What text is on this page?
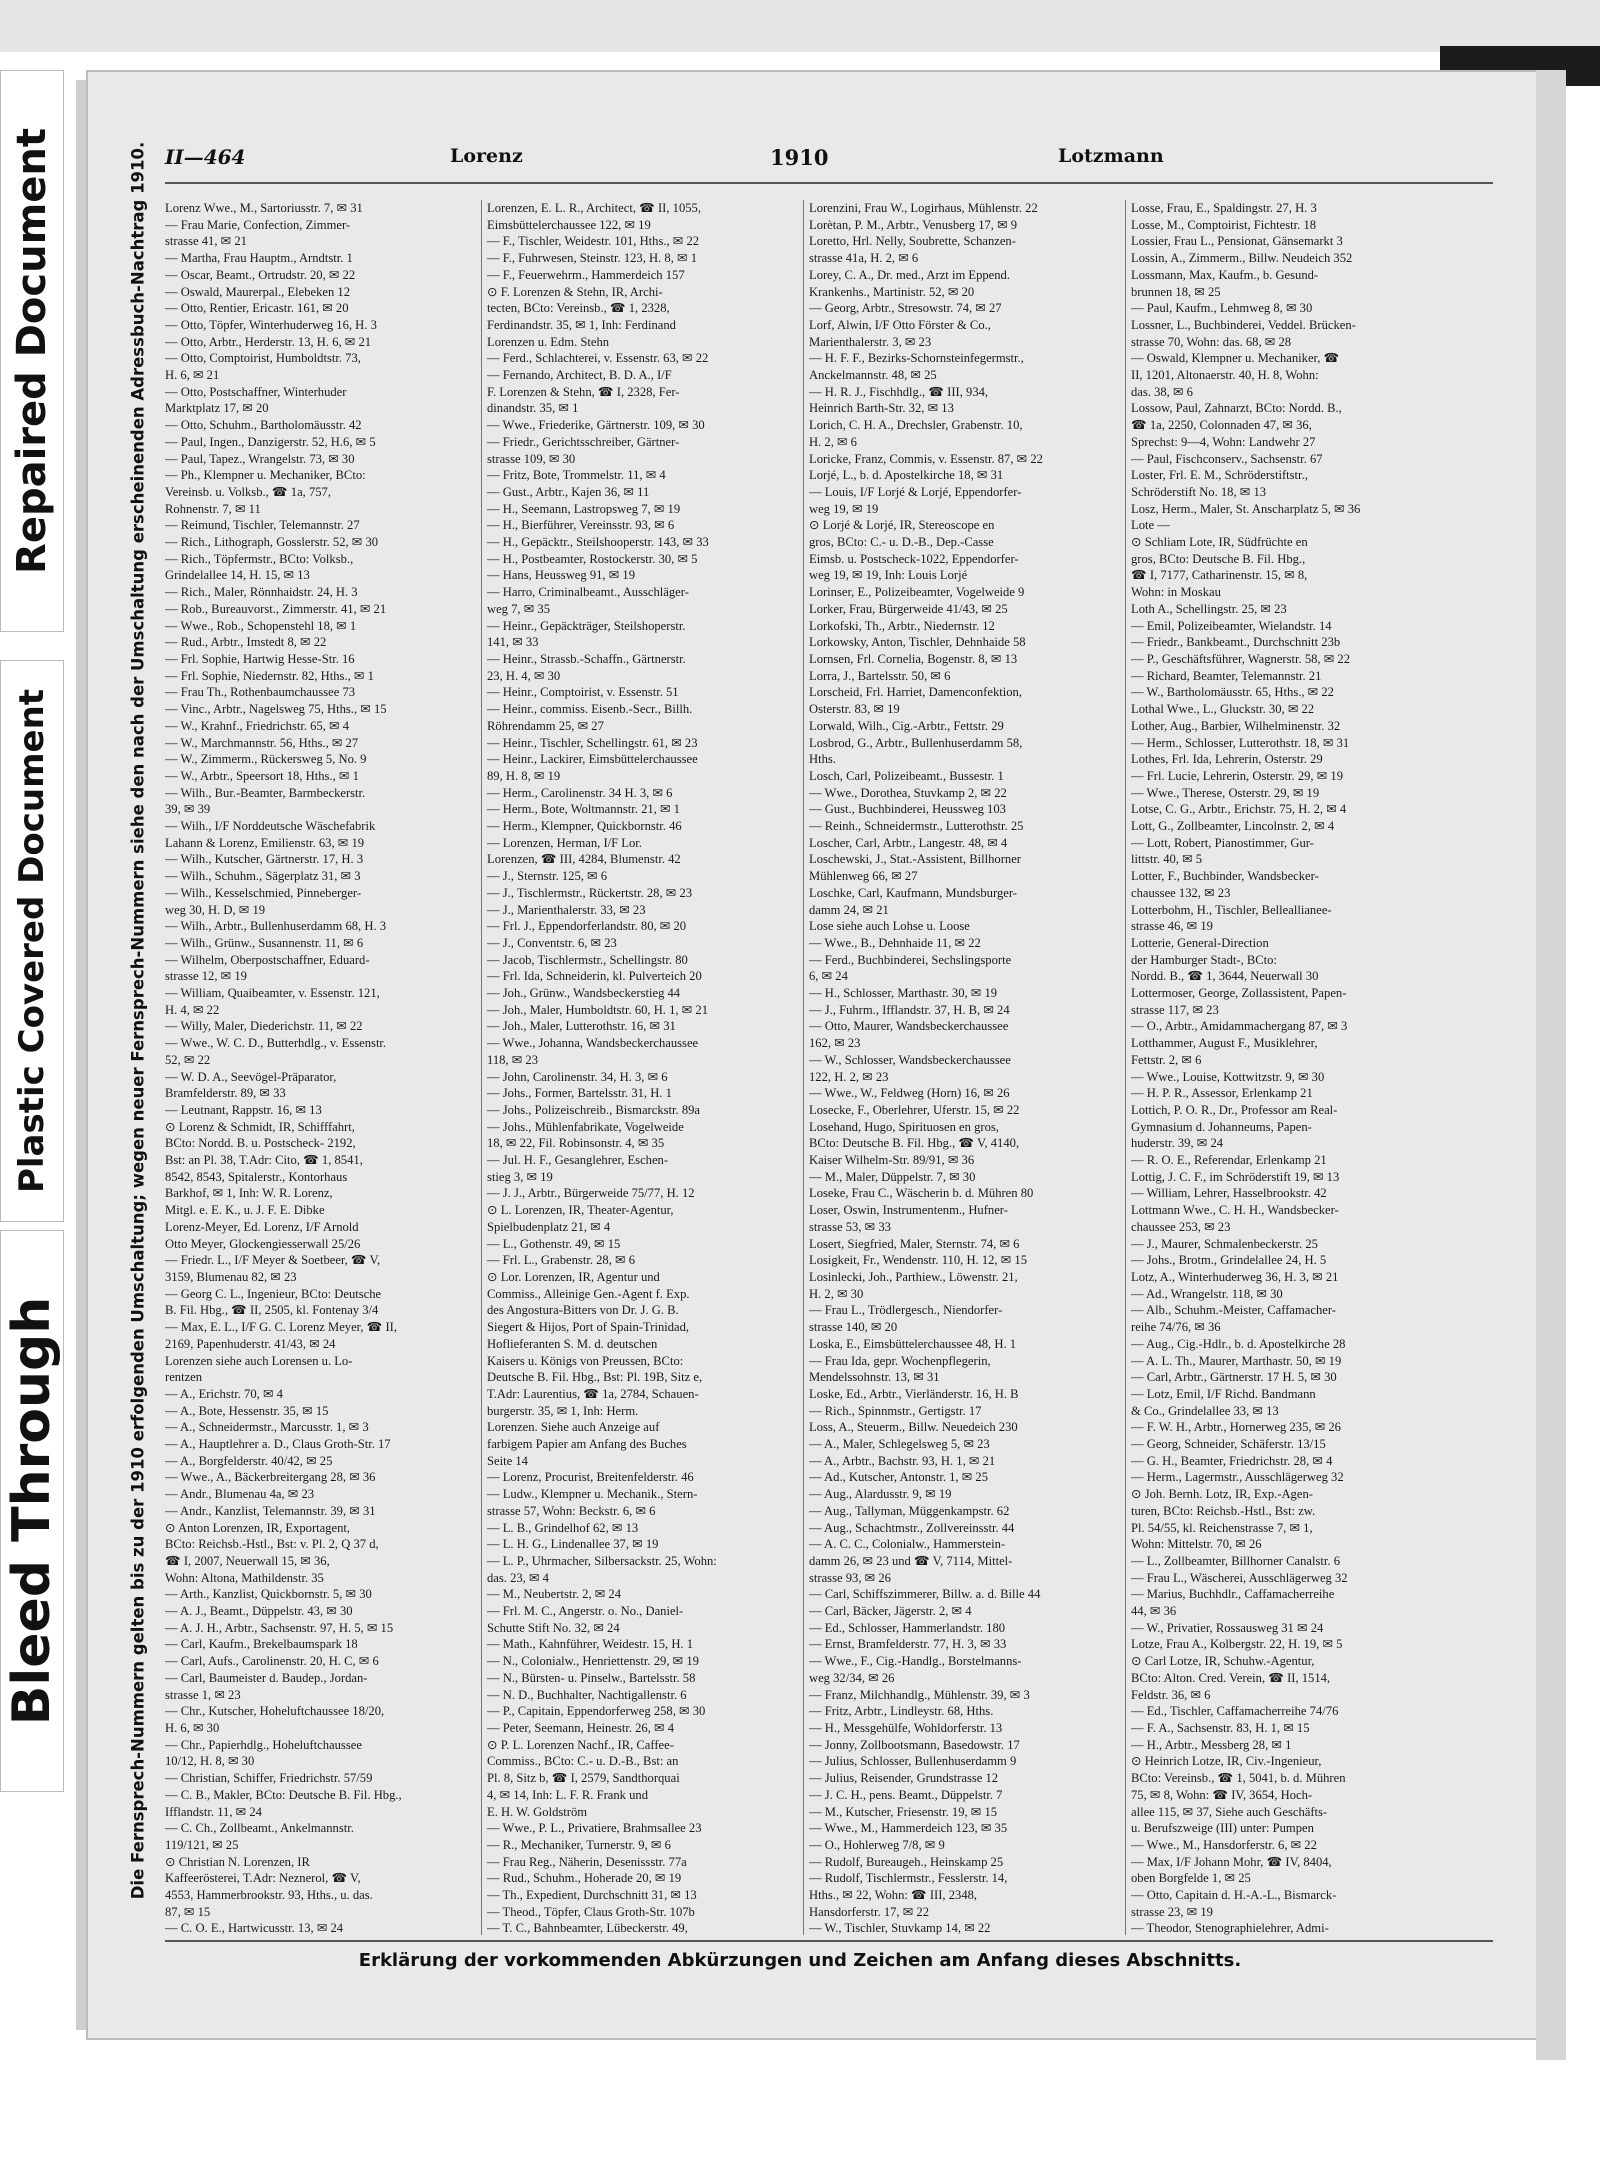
Repaired Document
Plastic Covered Document
Bleed Through	Die Fernsprech-Nummern gelten bis zu der 1910 erfolgenden Umschaltung; wegen neuer Fernsprech-Nummern siehe den nach der Umschaltung erscheinenden Adressbuch-Nachtrag 1910. II—464	Lorenz	1910	Lotzmann
Lorenz Wwe., M., Sartoriusstr. 7, ✉ 31
— Frau Marie, Confection, Zimmer-
strasse 41, ✉ 21
— Martha, Frau Hauptm., Arndtstr. 1
— Oscar, Beamt., Ortrudstr. 20, ✉ 22
— Oswald, Maurerpal., Elebeken 12
— Otto, Rentier, Ericastr. 161, ✉ 20
— Otto, Töpfer, Winterhuderweg 16, H. 3
— Otto, Arbtr., Herderstr. 13, H. 6, ✉ 21
— Otto, Comptoirist, Humboldtstr. 73,
H. 6, ✉ 21
— Otto, Postschaffner, Winterhuder
Marktplatz 17, ✉ 20
— Otto, Schuhm., Bartholomäusstr. 42
— Paul, Ingen., Danzigerstr. 52, H.6, ✉ 5
— Paul, Tapez., Wrangelstr. 73, ✉ 30
— Ph., Klempner u. Mechaniker, BCto:
Vereinsb. u. Volksb., ☎ 1a, 757,
Rohnenstr. 7, ✉ 11
— Reimund, Tischler, Telemannstr. 27
— Rich., Lithograph, Gosslerstr. 52, ✉ 30
— Rich., Töpfermstr., BCto: Volksb.,
Grindelallee 14, H. 15, ✉ 13
— Rich., Maler, Rönnhaidstr. 24, H. 3
— Rob., Bureauvorst., Zimmerstr. 41, ✉ 21
— Wwe., Rob., Schopenstehl 18, ✉ 1
— Rud., Arbtr., Imstedt 8, ✉ 22
— Frl. Sophie, Hartwig Hesse-Str. 16
— Frl. Sophie, Niedernstr. 82, Hths., ✉ 1
— Frau Th., Rothenbaumchaussee 73
— Vinc., Arbtr., Nagelsweg 75, Hths., ✉ 15
— W., Krahnf., Friedrichstr. 65, ✉ 4
— W., Marchmannstr. 56, Hths., ✉ 27
— W., Zimmerm., Rückersweg 5, No. 9
— W., Arbtr., Speersort 18, Hths., ✉ 1
— Wilh., Bur.-Beamter, Barmbeckerstr.
39, ✉ 39
— Wilh., I/F Norddeutsche Wäschefabrik
Lahann & Lorenz, Emilienstr. 63, ✉ 19
— Wilh., Kutscher, Gärtnerstr. 17, H. 3
— Wilh., Schuhm., Sägerplatz 31, ✉ 3
— Wilh., Kesselschmied, Pinneberger-
weg 30, H. D, ✉ 19
— Wilh., Arbtr., Bullenhuserdamm 68, H. 3
— Wilh., Grünw., Susannenstr. 11, ✉ 6
— Wilhelm, Oberpostschaffner, Eduard-
strasse 12, ✉ 19
— William, Quaibeamter, v. Essenstr. 121,
H. 4, ✉ 22
— Willy, Maler, Diederichstr. 11, ✉ 22
— Wwe., W. C. D., Butterhdlg., v. Essenstr.
52, ✉ 22
— W. D. A., Seevögel-Präparator,
Bramfelderstr. 89, ✉ 33
— Leutnant, Rappstr. 16, ✉ 13
⊙ Lorenz & Schmidt, IR, Schifffahrt,
BCto: Nordd. B. u. Postscheck- 2192,
Bst: an Pl. 38, T.Adr: Cito, ☎ 1, 8541,
8542, 8543, Spitalerstr., Kontorhaus
Barkhof, ✉ 1, Inh: W. R. Lorenz,
Mitgl. e. E. K., u. J. F. E. Dibke
Lorenz-Meyer, Ed. Lorenz, I/F Arnold
Otto Meyer, Glockengiesserwall 25/26
— Friedr. L., I/F Meyer & Soetbeer, ☎ V,
3159, Blumenau 82, ✉ 23
— Georg C. L., Ingenieur, BCto: Deutsche
B. Fil. Hbg., ☎ II, 2505, kl. Fontenay 3/4
— Max, E. L., I/F G. C. Lorenz Meyer, ☎ II,
2169, Papenhuderstr. 41/43, ✉ 24
Lorenzen siehe auch Lorensen u. Lo-
rentzen
— A., Erichstr. 70, ✉ 4
— A., Bote, Hessenstr. 35, ✉ 15
— A., Schneidermstr., Marcusstr. 1, ✉ 3
— A., Hauptlehrer a. D., Claus Groth-Str. 17
— A., Borgfelderstr. 40/42, ✉ 25
— Wwe., A., Bäckerbreitergang 28, ✉ 36
— Andr., Blumenau 4a, ✉ 23
— Andr., Kanzlist, Telemannstr. 39, ✉ 31
⊙ Anton Lorenzen, IR, Exportagent,
BCto: Reichsb.-Hstl., Bst: v. Pl. 2, Q 37 d,
☎ I, 2007, Neuerwall 15, ✉ 36,
Wohn: Altona, Mathildenstr. 35
— Arth., Kanzlist, Quickbornstr. 5, ✉ 30
— A. J., Beamt., Düppelstr. 43, ✉ 30
— A. J. H., Arbtr., Sachsenstr. 97, H. 5, ✉ 15
— Carl, Kaufm., Brekelbaumspark 18
— Carl, Aufs., Carolinenstr. 20, H. C, ✉ 6
— Carl, Baumeister d. Baudep., Jordan-
strasse 1, ✉ 23
— Chr., Kutscher, Hoheluftchaussee 18/20,
H. 6, ✉ 30
— Chr., Papierhdlg., Hoheluftchaussee
10/12, H. 8, ✉ 30
— Christian, Schiffer, Friedrichstr. 57/59
— C. B., Makler, BCto: Deutsche B. Fil. Hbg.,
Ifflandstr. 11, ✉ 24
— C. Ch., Zollbeamt., Ankelmannstr.
119/121, ✉ 25
⊙ Christian N. Lorenzen, IR
Kaffeerösterei, T.Adr: Neznerol, ☎ V,
4553, Hammerbrookstr. 93, Hths., u. das.
87, ✉ 15
— C. O. E., Hartwicusstr. 13, ✉ 24
Lorenzen, E. L. R., Architect, ☎ II, 1055,
Eimsbüttelerchaussee 122, ✉ 19
— F., Tischler, Weidestr. 101, Hths., ✉ 22
— F., Fuhrwesen, Steinstr. 123, H. 8, ✉ 1
— F., Feuerwehrm., Hammerdeich 157
⊙ F. Lorenzen & Stehn, IR, Archi-
tecten, BCto: Vereinsb., ☎ 1, 2328,
Ferdinandstr. 35, ✉ 1, Inh: Ferdinand
Lorenzen u. Edm. Stehn
— Ferd., Schlachterei, v. Essenstr. 63, ✉ 22
— Fernando, Architect, B. D. A., I/F
F. Lorenzen & Stehn, ☎ I, 2328, Fer-
dinandstr. 35, ✉ 1
— Wwe., Friederike, Gärtnerstr. 109, ✉ 30
— Friedr., Gerichtsschreiber, Gärtner-
strasse 109, ✉ 30
— Fritz, Bote, Trommelstr. 11, ✉ 4
— Gust., Arbtr., Kajen 36, ✉ 11
— H., Seemann, Lastropsweg 7, ✉ 19
— H., Bierführer, Vereinsstr. 93, ✉ 6
— H., Gepäcktr., Steilshooperstr. 143, ✉ 33
— H., Postbeamter, Rostockerstr. 30, ✉ 5
— Hans, Heussweg 91, ✉ 19
— Harro, Criminalbeamt., Ausschläger-
weg 7, ✉ 35
— Heinr., Gepäckträger, Steilshoperstr.
141, ✉ 33
— Heinr., Strassb.-Schaffn., Gärtnerstr.
23, H. 4, ✉ 30
— Heinr., Comptoirist, v. Essenstr. 51
— Heinr., commiss. Eisenb.-Secr., Billh.
Röhrendamm 25, ✉ 27
— Heinr., Tischler, Schellingstr. 61, ✉ 23
— Heinr., Lackirer, Eimsbüttelerchaussee
89, H. 8, ✉ 19
— Herm., Carolinenstr. 34 H. 3, ✉ 6
— Herm., Bote, Woltmannstr. 21, ✉ 1
— Herm., Klempner, Quickbornstr. 46
— Lorenzen, Herman, I/F Lor.
Lorenzen, ☎ III, 4284, Blumenstr. 42
— J., Sternstr. 125, ✉ 6
— J., Tischlermstr., Rückertstr. 28, ✉ 23
— J., Marienthalerstr. 33, ✉ 23
— Frl. J., Eppendorferlandstr. 80, ✉ 20
— J., Conventstr. 6, ✉ 23
— Jacob, Tischlermstr., Schellingstr. 80
— Frl. Ida, Schneiderin, kl. Pulverteich 20
— Joh., Grünw., Wandsbeckerstieg 44
— Joh., Maler, Humboldtstr. 60, H. 1, ✉ 21
— Joh., Maler, Lutterothstr. 16, ✉ 31
— Wwe., Johanna, Wandsbeckerchaussee
118, ✉ 23
— John, Carolinenstr. 34, H. 3, ✉ 6
— Johs., Former, Bartelsstr. 31, H. 1
— Johs., Polizeischreib., Bismarckstr. 89a
— Johs., Mühlenfabrikate, Vogelweide
18, ✉ 22, Fil. Robinsonstr. 4, ✉ 35
— Jul. H. F., Gesanglehrer, Eschen-
stieg 3, ✉ 19
— J. J., Arbtr., Bürgerweide 75/77, H. 12
⊙ L. Lorenzen, IR, Theater-Agentur,
Spielbudenplatz 21, ✉ 4
— L., Gothenstr. 49, ✉ 15
— Frl. L., Grabenstr. 28, ✉ 6
⊙ Lor. Lorenzen, IR, Agentur und
Commiss., Alleinige Gen.-Agent f. Exp.
des Angostura-Bitters von Dr. J. G. B.
Siegert & Hijos, Port of Spain-Trinidad,
Hoflieferanten S. M. d. deutschen
Kaisers u. Königs von Preussen, BCto:
Deutsche B. Fil. Hbg., Bst: Pl. 19B, Sitz e,
T.Adr: Laurentius, ☎ 1a, 2784, Schauen-
burgerstr. 35, ✉ 1, Inh: Herm.
Lorenzen. Siehe auch Anzeige auf
farbigem Papier am Anfang des Buches
Seite 14
— Lorenz, Procurist, Breitenfelderstr. 46
— Ludw., Klempner u. Mechanik., Stern-
strasse 57, Wohn: Beckstr. 6, ✉ 6
— L. B., Grindelhof 62, ✉ 13
— L. H. G., Lindenallee 37, ✉ 19
— L. P., Uhrmacher, Silbersackstr. 25, Wohn:
das. 23, ✉ 4
— M., Neubertstr. 2, ✉ 24
— Frl. M. C., Angerstr. o. No., Daniel-
Schutte Stift No. 32, ✉ 24
— Math., Kahnführer, Weidestr. 15, H. 1
— N., Colonialw., Henriettenstr. 29, ✉ 19
— N., Bürsten- u. Pinselw., Bartelsstr. 58
— N. D., Buchhalter, Nachtigallenstr. 6
— P., Capitain, Eppendorferweg 258, ✉ 30
— Peter, Seemann, Heinestr. 26, ✉ 4
⊙ P. L. Lorenzen Nachf., IR, Caffee-
Commiss., BCto: C.- u. D.-B., Bst: an
Pl. 8, Sitz b, ☎ I, 2579, Sandthorquai
4, ✉ 14, Inh: L. F. R. Frank und
E. H. W. Goldström
— Wwe., P. L., Privatiere, Brahmsallee 23
— R., Mechaniker, Turnerstr. 9, ✉ 6
— Frau Reg., Näherin, Desenissstr. 77a
— Rud., Schuhm., Hoherade 20, ✉ 19
— Th., Expedient, Durchschnitt 31, ✉ 13
— Theod., Töpfer, Claus Groth-Str. 107b
— T. C., Bahnbeamter, Lübeckerstr. 49,
Lorenzini, Frau W., Logirhaus, Mühlenstr. 22
Lorètan, P. M., Arbtr., Venusberg 17, ✉ 9
Loretto, Hrl. Nelly, Soubrette, Schanzen-
strasse 41a, H. 2, ✉ 6
Lorey, C. A., Dr. med., Arzt im Eppend.
Krankenhs., Martinistr. 52, ✉ 20
— Georg, Arbtr., Stresowstr. 74, ✉ 27
Lorf, Alwin, I/F Otto Förster & Co.,
Marienthalerstr. 3, ✉ 23
— H. F. F., Bezirks-Schornsteinfegermstr.,
Anckelmannstr. 48, ✉ 25
— H. R. J., Fischhdlg., ☎ III, 934,
Heinrich Barth-Str. 32, ✉ 13
Lorich, C. H. A., Drechsler, Grabenstr. 10,
H. 2, ✉ 6
Loricke, Franz, Commis, v. Essenstr. 87, ✉ 22
Lorjé, L., b. d. Apostelkirche 18, ✉ 31
— Louis, I/F Lorjé & Lorjé, Eppendorfer-
weg 19, ✉ 19
⊙ Lorjé & Lorjé, IR, Stereoscope en
gros, BCto: C.- u. D.-B., Dep.-Casse
Eimsb. u. Postscheck-1022, Eppendorfer-
weg 19, ✉ 19, Inh: Louis Lorjé
Lorinser, E., Polizeibeamter, Vogelweide 9
Lorker, Frau, Bürgerweide 41/43, ✉ 25
Lorkofski, Th., Arbtr., Niedernstr. 12
Lorkowsky, Anton, Tischler, Dehnhaide 58
Lornsen, Frl. Cornelia, Bogenstr. 8, ✉ 13
Lorra, J., Bartelsstr. 50, ✉ 6
Lorscheid, Frl. Harriet, Damenconfektion,
Osterstr. 83, ✉ 19
Lorwald, Wilh., Cig.-Arbtr., Fettstr. 29
Losbrod, G., Arbtr., Bullenhuserdamm 58,
Hths.
Losch, Carl, Polizeibeamt., Bussestr. 1
— Wwe., Dorothea, Stuvkamp 2, ✉ 22
— Gust., Buchbinderei, Heussweg 103
— Reinh., Schneidermstr., Lutterothstr. 25
Loscher, Carl, Arbtr., Langestr. 48, ✉ 4
Loschewski, J., Stat.-Assistent, Billhorner
Mühlenweg 66, ✉ 27
Loschke, Carl, Kaufmann, Mundsburger-
damm 24, ✉ 21
Lose siehe auch Lohse u. Loose
— Wwe., B., Dehnhaide 11, ✉ 22
— Ferd., Buchbinderei, Sechslingsporte
6, ✉ 24
— H., Schlosser, Marthastr. 30, ✉ 19
— J., Fuhrm., Ifflandstr. 37, H. B, ✉ 24
— Otto, Maurer, Wandsbeckerchaussee
162, ✉ 23
— W., Schlosser, Wandsbeckerchaussee
122, H. 2, ✉ 23
— Wwe., W., Feldweg (Horn) 16, ✉ 26
Losecke, F., Oberlehrer, Uferstr. 15, ✉ 22
Losehand, Hugo, Spirituosen en gros,
BCto: Deutsche B. Fil. Hbg., ☎ V, 4140,
Kaiser Wilhelm-Str. 89/91, ✉ 36
— M., Maler, Düppelstr. 7, ✉ 30
Loseke, Frau C., Wäscherin b. d. Mühren 80
Loser, Oswin, Instrumentenm., Hufner-
strasse 53, ✉ 33
Losert, Siegfried, Maler, Sternstr. 74, ✉ 6
Losigkeit, Fr., Wendenstr. 110, H. 12, ✉ 15
Losinlecki, Joh., Parthiew., Löwenstr. 21,
H. 2, ✉ 30
— Frau L., Trödlergesch., Niendorfer-
strasse 140, ✉ 20
Loska, E., Eimsbüttelerchaussee 48, H. 1
— Frau Ida, gepr. Wochenpflegerin,
Mendelssohnstr. 13, ✉ 31
Loske, Ed., Arbtr., Vierländerstr. 16, H. B
— Rich., Spinnmstr., Gertigstr. 17
Loss, A., Steuerm., Billw. Neuedeich 230
— A., Maler, Schlegelsweg 5, ✉ 23
— A., Arbtr., Bachstr. 93, H. 1, ✉ 21
— Ad., Kutscher, Antonstr. 1, ✉ 25
— Aug., Alardusstr. 9, ✉ 19
— Aug., Tallyman, Müggenkampstr. 62
— Aug., Schachtmstr., Zollvereinsstr. 44
— A. C. C., Colonialw., Hammerstein-
damm 26, ✉ 23 und ☎ V, 7114, Mittel-
strasse 93, ✉ 26
— Carl, Schiffszimmerer, Billw. a. d. Bille 44
— Carl, Bäcker, Jägerstr. 2, ✉ 4
— Ed., Schlosser, Hammerlandstr. 180
— Ernst, Bramfelderstr. 77, H. 3, ✉ 33
— Wwe., F., Cig.-Handlg., Borstelmanns-
weg 32/34, ✉ 26
— Franz, Milchhandlg., Mühlenstr. 39, ✉ 3
— Fritz, Arbtr., Lindleystr. 68, Hths.
— H., Messgehülfe, Wohldorferstr. 13
— Jonny, Zollbootsmann, Basedowstr. 17
— Julius, Schlosser, Bullenhuserdamm 9
— Julius, Reisender, Grundstrasse 12
— J. C. H., pens. Beamt., Düppelstr. 7
— M., Kutscher, Friesenstr. 19, ✉ 15
— Wwe., M., Hammerdeich 123, ✉ 35
— O., Hohlerweg 7/8, ✉ 9
— Rudolf, Bureaugeh., Heinskamp 25
— Rudolf, Tischlermstr., Fesslerstr. 14,
Hths., ✉ 22, Wohn: ☎ III, 2348,
Hansdorferstr. 17, ✉ 22
— W., Tischler, Stuvkamp 14, ✉ 22
Losse, Frau, E., Spaldingstr. 27, H. 3
Losse, M., Comptoirist, Fichtestr. 18
Lossier, Frau L., Pensionat, Gänsemarkt 3
Lossin, A., Zimmerm., Billw. Neudeich 352
Lossmann, Max, Kaufm., b. Gesund-
brunnen 18, ✉ 25
— Paul, Kaufm., Lehmweg 8, ✉ 30
Lossner, L., Buchbinderei, Veddel. Brücken-
strasse 70, Wohn: das. 68, ✉ 28
— Oswald, Klempner u. Mechaniker, ☎
II, 1201, Altonaerstr. 40, H. 8, Wohn:
das. 38, ✉ 6
Lossow, Paul, Zahnarzt, BCto: Nordd. B.,
☎ 1a, 2250, Colonnaden 47, ✉ 36,
Sprechst: 9—4, Wohn: Landwehr 27
— Paul, Fischconserv., Sachsenstr. 67
Loster, Frl. E. M., Schröderstiftstr.,
Schröderstift No. 18, ✉ 13
Losz, Herm., Maler, St. Anscharplatz 5, ✉ 36
Lote —
⊙ Schliam Lote, IR, Südfrüchte en
gros, BCto: Deutsche B. Fil. Hbg.,
☎ I, 7177, Catharinenstr. 15, ✉ 8,
Wohn: in Moskau
Loth A., Schellingstr. 25, ✉ 23
— Emil, Polizeibeamter, Wielandstr. 14
— Friedr., Bankbeamt., Durchschnitt 23b
— P., Geschäftsführer, Wagnerstr. 58, ✉ 22
— Richard, Beamter, Telemannstr. 21
— W., Bartholomäusstr. 65, Hths., ✉ 22
Lothal Wwe., L., Gluckstr. 30, ✉ 22
Lother, Aug., Barbier, Wilhelminenstr. 32
— Herm., Schlosser, Lutterothstr. 18, ✉ 31
Lothes, Frl. Ida, Lehrerin, Osterstr. 29
— Frl. Lucie, Lehrerin, Osterstr. 29, ✉ 19
— Wwe., Therese, Osterstr. 29, ✉ 19
Lotse, C. G., Arbtr., Erichstr. 75, H. 2, ✉ 4
Lott, G., Zollbeamter, Lincolnstr. 2, ✉ 4
— Lott, Robert, Pianostimmer, Gur-
littstr. 40, ✉ 5
Lotter, F., Buchbinder, Wandsbecker-
chaussee 132, ✉ 23
Lotterbohm, H., Tischler, Belleallianee-
strasse 46, ✉ 19
Lotterie, General-Direction
der Hamburger Stadt-, BCto:
Nordd. B., ☎ 1, 3644, Neuerwall 30
Lottermoser, George, Zollassistent, Papen-
strasse 117, ✉ 23
— O., Arbtr., Amidammachergang 87, ✉ 3
Lotthammer, August F., Musiklehrer,
Fettstr. 2, ✉ 6
— Wwe., Louise, Kottwitzstr. 9, ✉ 30
— H. P. R., Assessor, Erlenkamp 21
Lottich, P. O. R., Dr., Professor am Real-
Gymnasium d. Johanneums, Papen-
huderstr. 39, ✉ 24
— R. O. E., Referendar, Erlenkamp 21
Lottig, J. C. F., im Schröderstift 19, ✉ 13
— William, Lehrer, Hasselbrookstr. 42
Lottmann Wwe., C. H. H., Wandsbecker-
chaussee 253, ✉ 23
— J., Maurer, Schmalenbeckerstr. 25
— Johs., Brotm., Grindelallee 24, H. 5
Lotz, A., Winterhuderweg 36, H. 3, ✉ 21
— Ad., Wrangelstr. 118, ✉ 30
— Alb., Schuhm.-Meister, Caffamacher-
reihe 74/76, ✉ 36
— Aug., Cig.-Hdlr., b. d. Apostelkirche 28
— A. L. Th., Maurer, Marthastr. 50, ✉ 19
— Carl, Arbtr., Gärtnerstr. 17 H. 5, ✉ 30
— Lotz, Emil, I/F Richd. Bandmann
& Co., Grindelallee 33, ✉ 13
— F. W. H., Arbtr., Hornerweg 235, ✉ 26
— Georg, Schneider, Schäferstr. 13/15
— G. H., Beamter, Friedrichstr. 28, ✉ 4
— Herm., Lagermstr., Ausschlägerweg 32
⊙ Joh. Bernh. Lotz, IR, Exp.-Agen-
turen, BCto: Reichsb.-Hstl., Bst: zw.
Pl. 54/55, kl. Reichenstrasse 7, ✉ 1,
Wohn: Mittelstr. 70, ✉ 26
— L., Zollbeamter, Billhorner Canalstr. 6
— Frau L., Wäscherei, Ausschlägerweg 32
— Marius, Buchhdlr., Caffamacherreihe
44, ✉ 36
— W., Privatier, Rossausweg 31 ✉ 24
Lotze, Frau A., Kolbergstr. 22, H. 19, ✉ 5
⊙ Carl Lotze, IR, Schuhw.-Agentur,
BCto: Alton. Cred. Verein, ☎ II, 1514,
Feldstr. 36, ✉ 6
— Ed., Tischler, Caffamacherreihe 74/76
— F. A., Sachsenstr. 83, H. 1, ✉ 15
— H., Arbtr., Messberg 28, ✉ 1
⊙ Heinrich Lotze, IR, Civ.-Ingenieur,
BCto: Vereinsb., ☎ 1, 5041, b. d. Mühren
75, ✉ 8, Wohn: ☎ IV, 3654, Hoch-
allee 115, ✉ 37, Siehe auch Geschäfts-
u. Berufszweige (III) unter: Pumpen
— Wwe., M., Hansdorferstr. 6, ✉ 22
— Max, I/F Johann Mohr, ☎ IV, 8404,
oben Borgfelde 1, ✉ 25
— Otto, Capitain d. H.-A.-L., Bismarck-
strasse 23, ✉ 19
— Theodor, Stenographielehrer, Admi-
Erklärung der vorkommenden Abkürzungen und Zeichen am Anfang dieses Abschnitts.
